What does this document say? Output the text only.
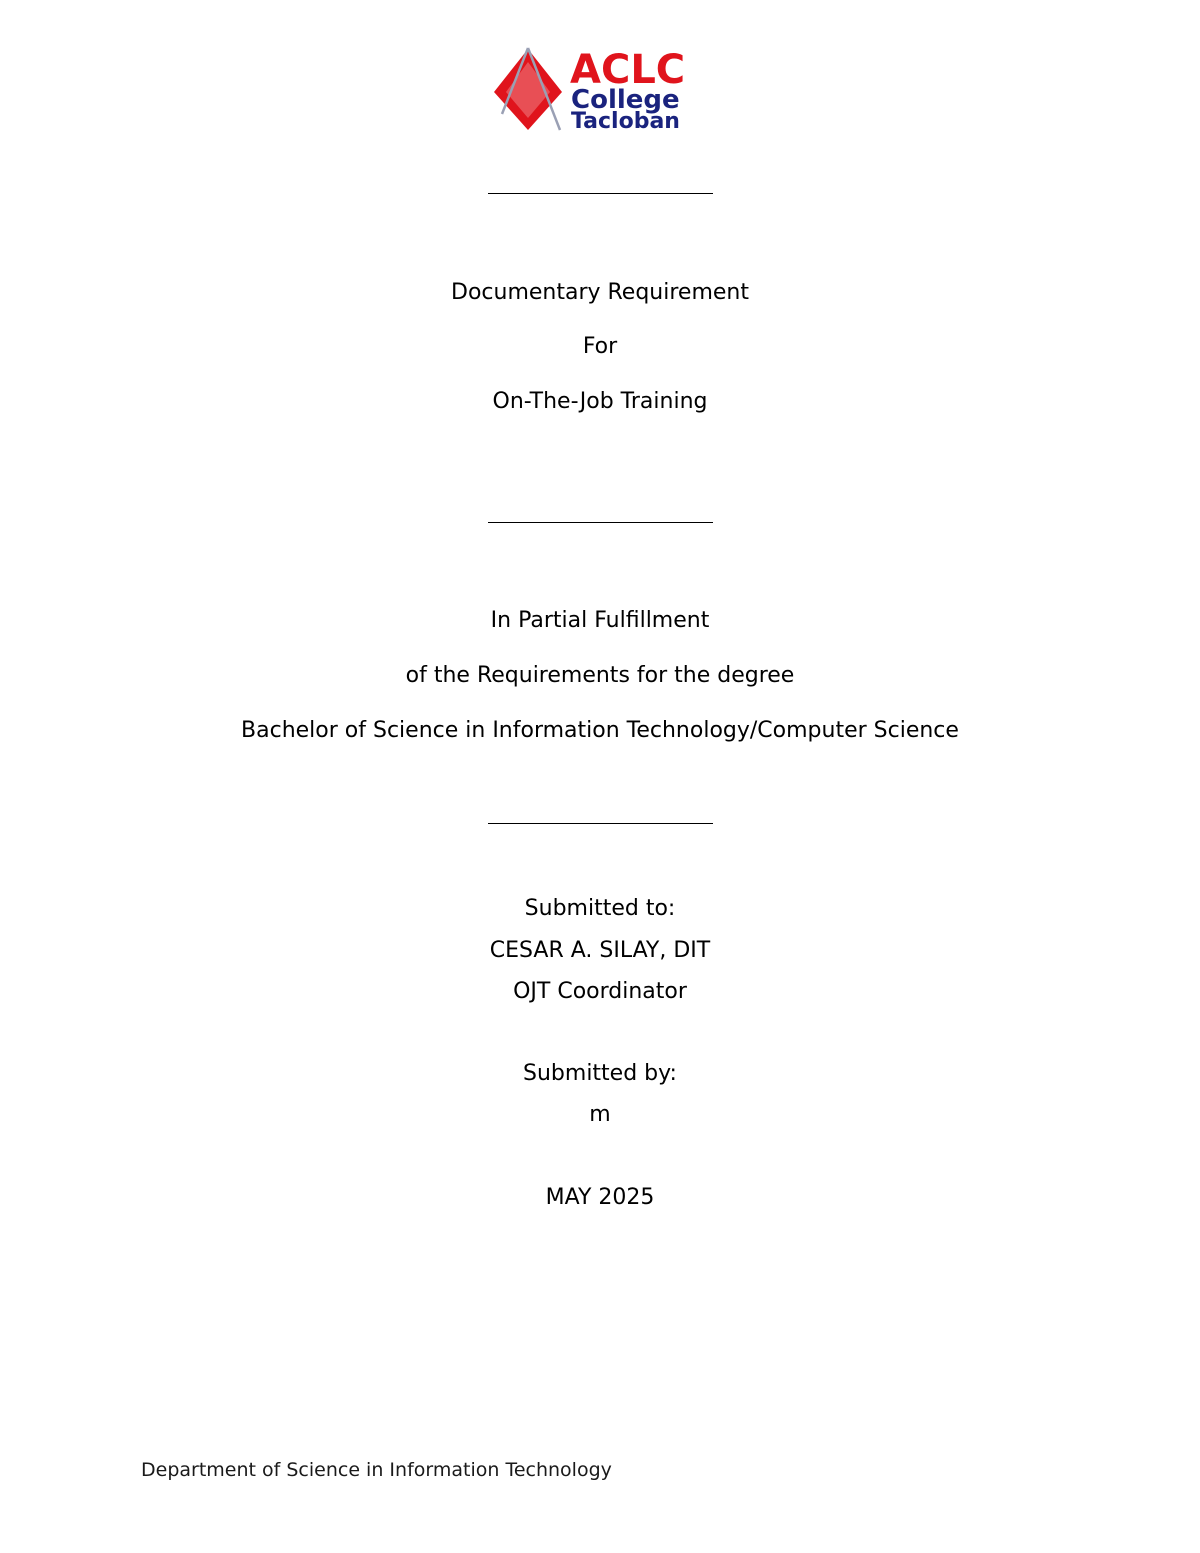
ACLC
College
Tacloban
Documentary Requirement
For
On-The-Job Training
In Partial Fulfillment
of the Requirements for the degree
Bachelor of Science in Information Technology/Computer Science
Submitted to:
CESAR A. SILAY, DIT
OJT Coordinator
Submitted by:
m
MAY 2025
Department of Science in Information Technology
